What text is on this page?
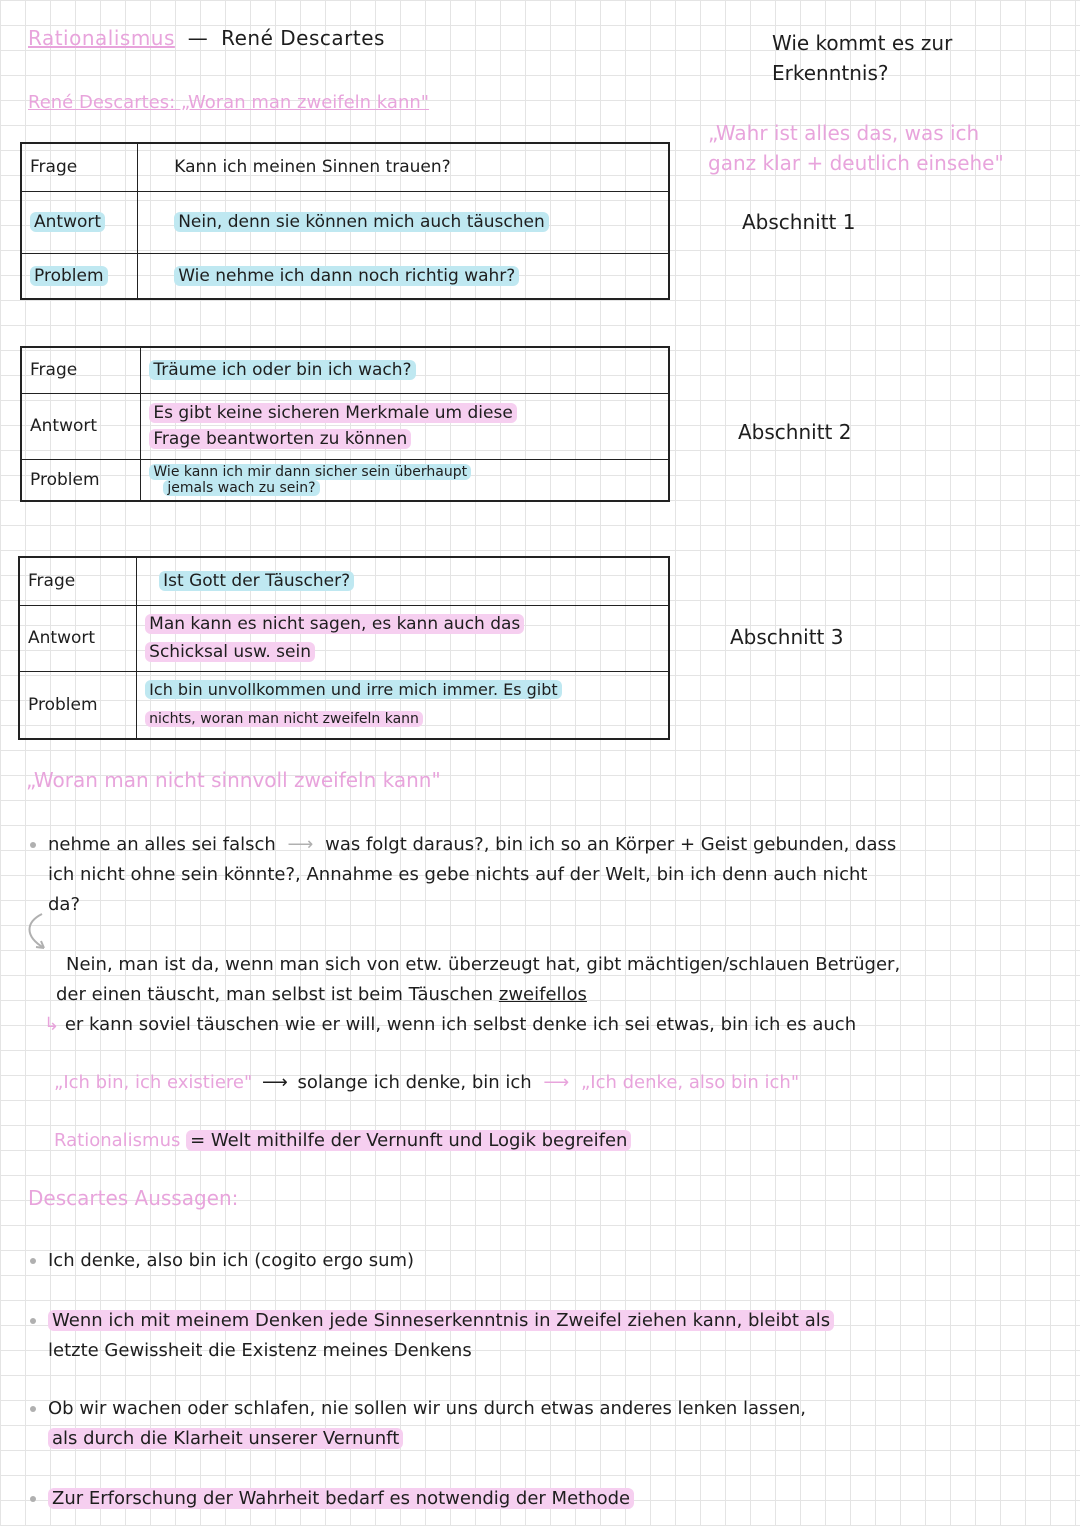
Rationalismus — René Descartes
René Descartes: „Woran man zweifeln kann"
Wie kommt es zur
Erkenntnis?
„Wahr ist alles das, was ich
ganz klar + deutlich einsehe"
Abschnitt 1
Abschnitt 2
Abschnitt 3
Frage	Kann ich meinen Sinnen trauen?
Antwort	Nein, denn sie können mich auch täuschen
Problem	Wie nehme ich dann noch richtig wahr?
Frage	Träume ich oder bin ich wach?
Antwort	Es gibt keine sicheren Merkmale um diese
Frage beantworten zu können
Problem	Wie kann ich mir dann sicher sein überhaupt
jemals wach zu sein?
Frage	Ist Gott der Täuscher?
Antwort	Man kann es nicht sagen, es kann auch das
Schicksal usw. sein
Problem	Ich bin unvollkommen und irre mich immer. Es gibt
nichts, woran man nicht zweifeln kann
„Woran man nicht sinnvoll zweifeln kann"
nehme an alles sei falsch ⟶ was folgt daraus?, bin ich so an Körper + Geist gebunden, dass
ich nicht ohne sein könnte?, Annahme es gebe nichts auf der Welt, bin ich denn auch nicht
da?
Nein, man ist da, wenn man sich von etw. überzeugt hat, gibt mächtigen/schlauen Betrüger,
der einen täuscht, man selbst ist beim Täuschen zweifellos
↳ er kann soviel täuschen wie er will, wenn ich selbst denke ich sei etwas, bin ich es auch
„Ich bin, ich existiere" ⟶ solange ich denke, bin ich ⟶ „Ich denke, also bin ich"
Rationalismus = Welt mithilfe der Vernunft und Logik begreifen
Descartes Aussagen:
Ich denke, also bin ich (cogito ergo sum)
Wenn ich mit meinem Denken jede Sinneserkenntnis in Zweifel ziehen kann, bleibt als
letzte Gewissheit die Existenz meines Denkens
Ob wir wachen oder schlafen, nie sollen wir uns durch etwas anderes lenken lassen,
als durch die Klarheit unserer Vernunft
Zur Erforschung der Wahrheit bedarf es notwendig der Methode
